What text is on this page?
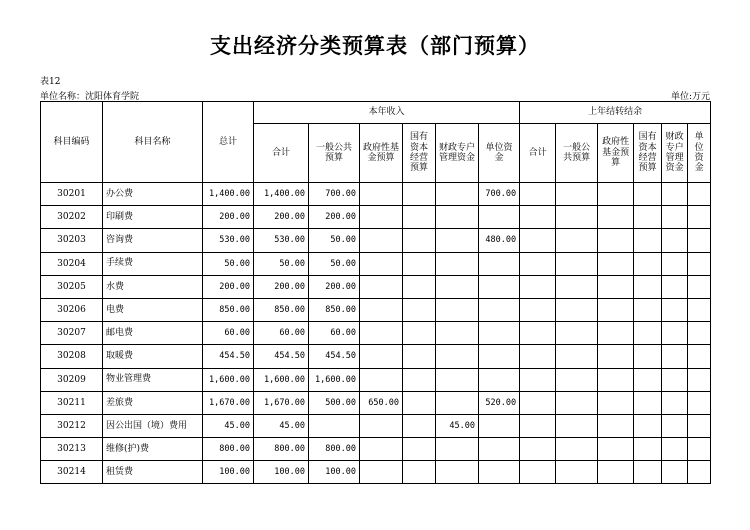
支出经济分类预算表（部门预算）
表12
单位名称：沈阳体育学院	单位:万元
科目编码	科目名称	总计	本年收入						上年结转结余					
			合计	一般公共预算	政府性基金预算	国有资本经营预算	财政专户管理资金	单位资金	合计	一般公共预算	政府性基金预算	国有资本经营预算	财政专户管理资金	单位资金
30201	办公费	1,400.00	1,400.00	700.00				700.00						
30202	印刷费	200.00	200.00	200.00										
30203	咨询费	530.00	530.00	50.00				480.00						
30204	手续费	50.00	50.00	50.00										
30205	水费	200.00	200.00	200.00										
30206	电费	850.00	850.00	850.00										
30207	邮电费	60.00	60.00	60.00										
30208	取暖费	454.50	454.50	454.50										
30209	物业管理费	1,600.00	1,600.00	1,600.00										
30211	差旅费	1,670.00	1,670.00	500.00	650.00			520.00						
30212	因公出国（境）费用	45.00	45.00				45.00							
30213	维修(护)费	800.00	800.00	800.00										
30214	租赁费	100.00	100.00	100.00										
